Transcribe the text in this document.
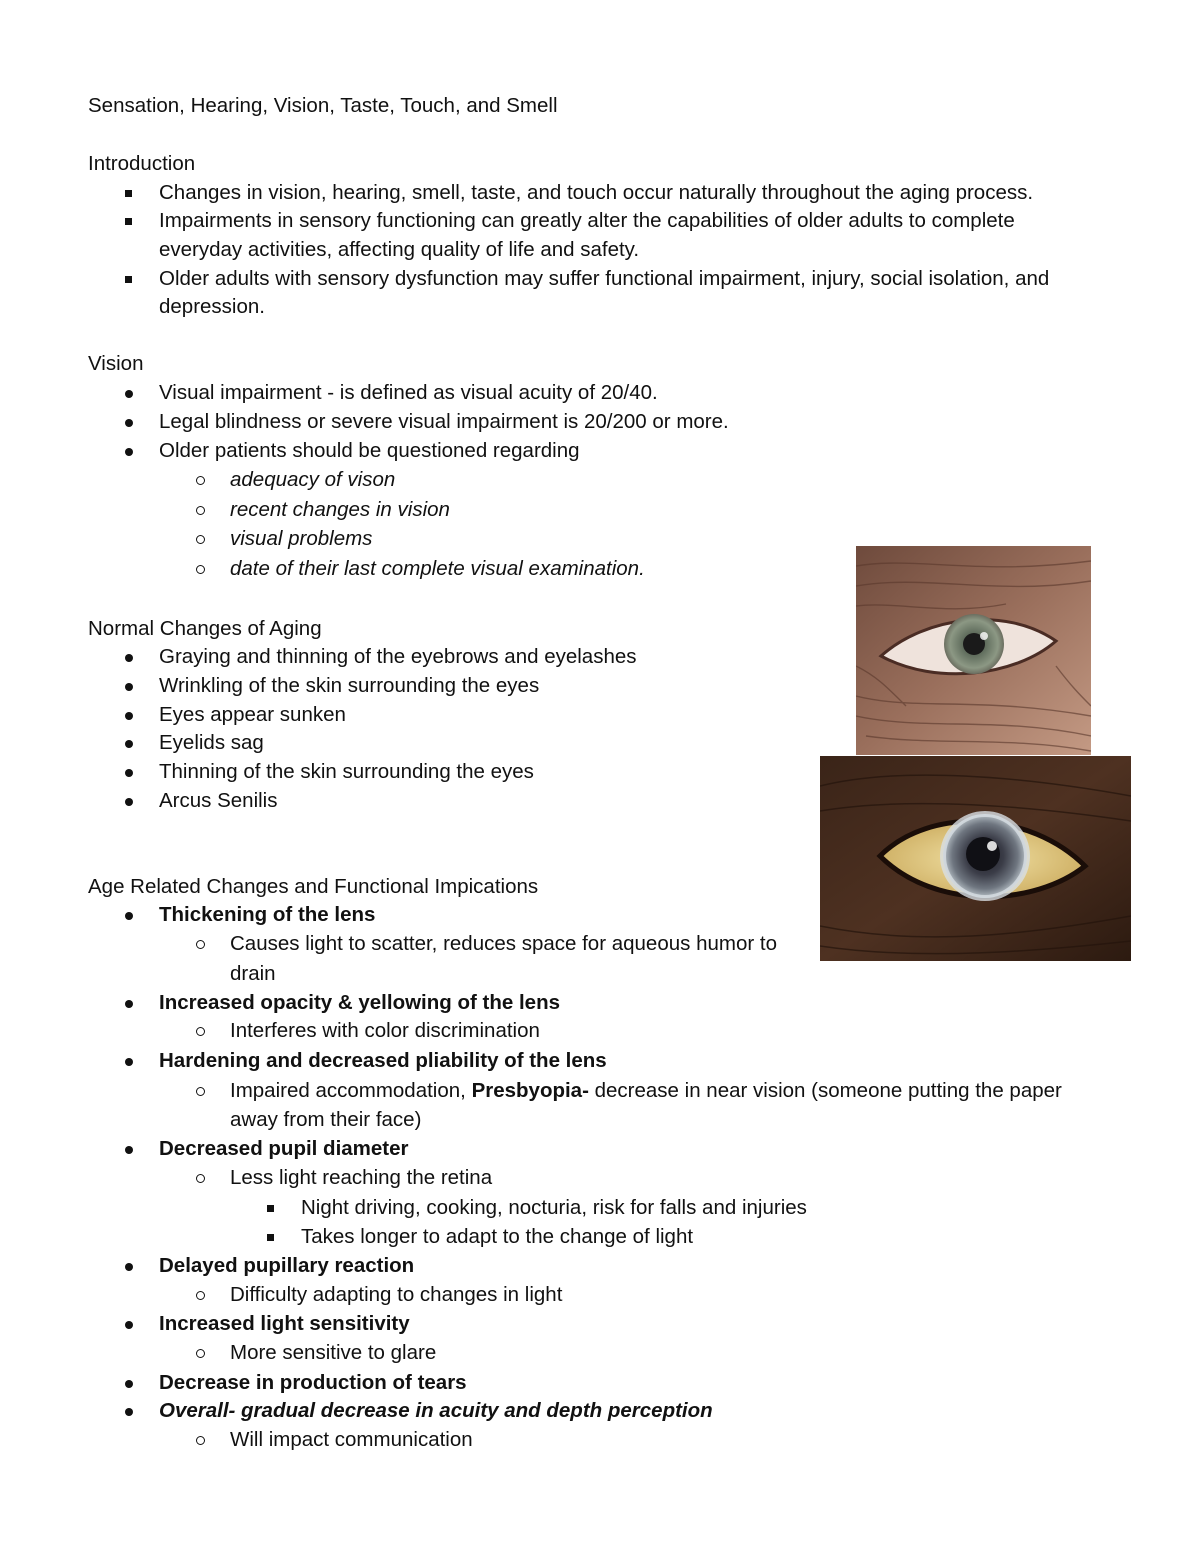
Sensation, Hearing, Vision, Taste, Touch, and Smell
Introduction
Changes in vision, hearing, smell, taste, and touch occur naturally throughout the aging process.
Impairments in sensory functioning can greatly alter the capabilities of older adults to complete
everyday activities, affecting quality of life and safety.
Older adults with sensory dysfunction may suffer functional impairment, injury, social isolation, and
depression.
Vision
Visual impairment - is defined as visual acuity of 20/40.
Legal blindness or severe visual impairment is 20/200 or more.
Older patients should be questioned regarding
adequacy of vison
recent changes in vision
visual problems
date of their last complete visual examination.
Normal Changes of Aging
Graying and thinning of the eyebrows and eyelashes
Wrinkling of the skin surrounding the eyes
Eyes appear sunken
Eyelids sag
Thinning of the skin surrounding the eyes
Arcus Senilis
Age Related Changes and Functional Impications
Thickening of the lens
Causes light to scatter, reduces space for aqueous humor to
drain
Increased opacity & yellowing of the lens
Interferes with color discrimination
Hardening and decreased pliability of the lens
Impaired accommodation, Presbyopia- decrease in near vision (someone putting the paper
away from their face)
Decreased pupil diameter
Less light reaching the retina
Night driving, cooking, nocturia, risk for falls and injuries
Takes longer to adapt to the change of light
Delayed pupillary reaction
Difficulty adapting to changes in light
Increased light sensitivity
More sensitive to glare
Decrease in production of tears
Overall- gradual decrease in acuity and depth perception
Will impact communication
